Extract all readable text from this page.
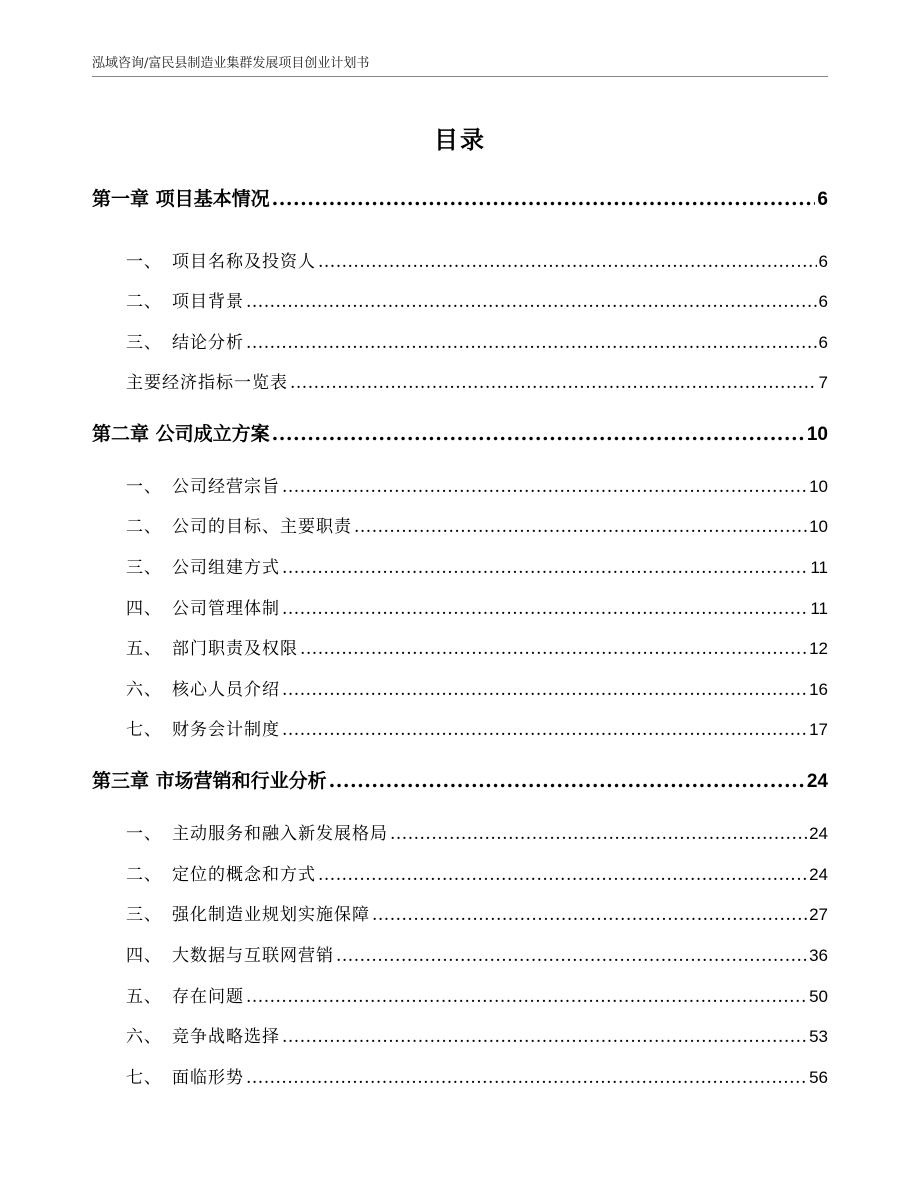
泓域咨询/富民县制造业集群发展项目创业计划书
目录
第一章 项目基本情况 .....	6
一、 项目名称及投资人 .....	6
二、 项目背景 .....	6
三、 结论分析 .....	6
主要经济指标一览表 .....	7
第二章 公司成立方案 .....	10
一、 公司经营宗旨 .....	10
二、 公司的目标、主要职责 .....	10
三、 公司组建方式 .....	11
四、 公司管理体制 .....	11
五、 部门职责及权限 .....	12
六、 核心人员介绍 .....	16
七、 财务会计制度 .....	17
第三章 市场营销和行业分析 .....	24
一、 主动服务和融入新发展格局 .....	24
二、 定位的概念和方式 .....	24
三、 强化制造业规划实施保障 .....	27
四、 大数据与互联网营销 .....	36
五、 存在问题 .....	50
六、 竞争战略选择 .....	53
七、 面临形势 .....	56
